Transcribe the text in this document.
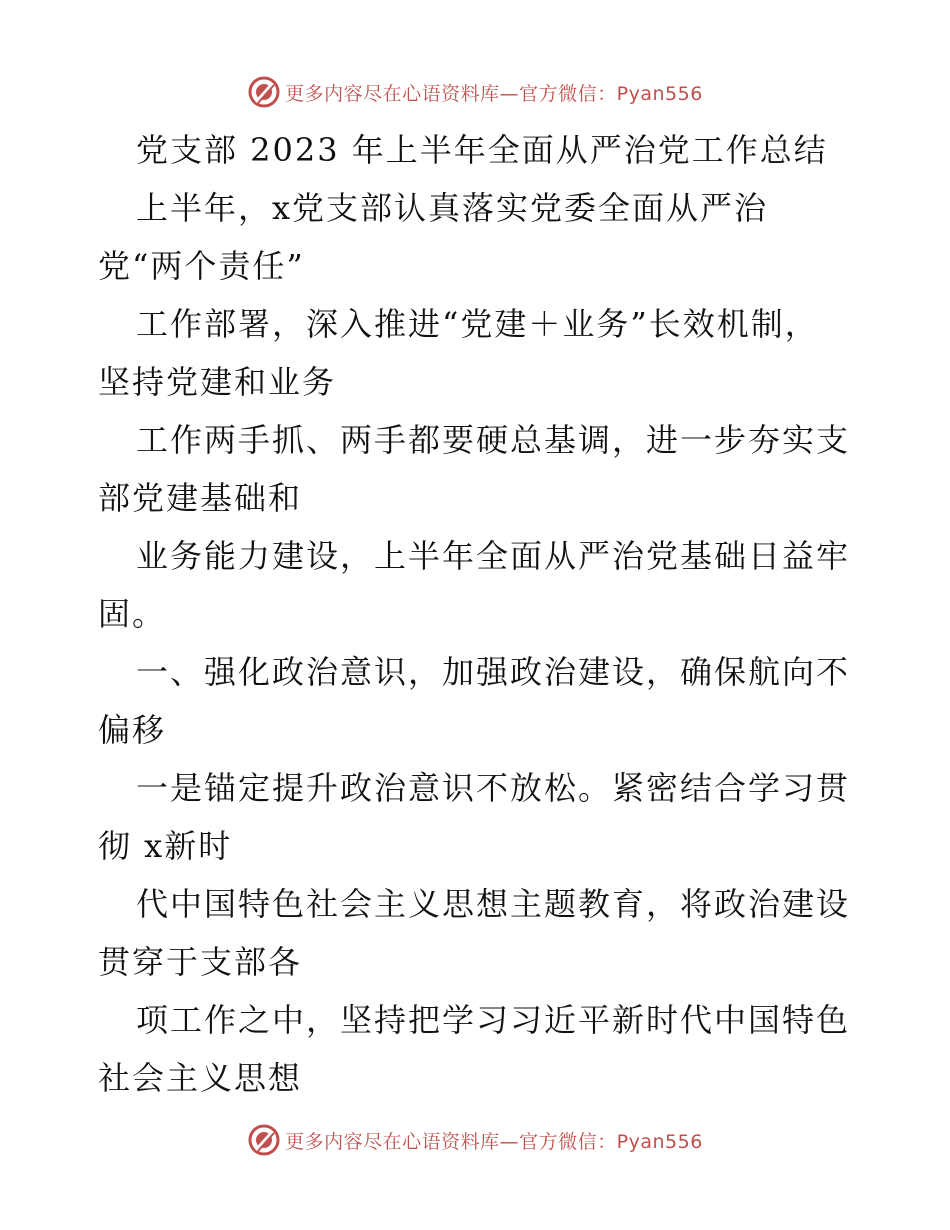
更多内容尽在心语资料库—官方微信：Pyan556
党支部 2023 年上半年全面从严治党工作总结
上半年，x党支部认真落实党委全面从严治
党“两个责任”
工作部署，深入推进“党建＋业务”长效机制，
坚持党建和业务
工作两手抓、两手都要硬总基调，进一步夯实支
部党建基础和
业务能力建设，上半年全面从严治党基础日益牢
固。
一、强化政治意识，加强政治建设，确保航向不
偏移
一是锚定提升政治意识不放松。紧密结合学习贯
彻 x新时
代中国特色社会主义思想主题教育，将政治建设
贯穿于支部各
项工作之中，坚持把学习习近平新时代中国特色
社会主义思想
更多内容尽在心语资料库—官方微信：Pyan556
